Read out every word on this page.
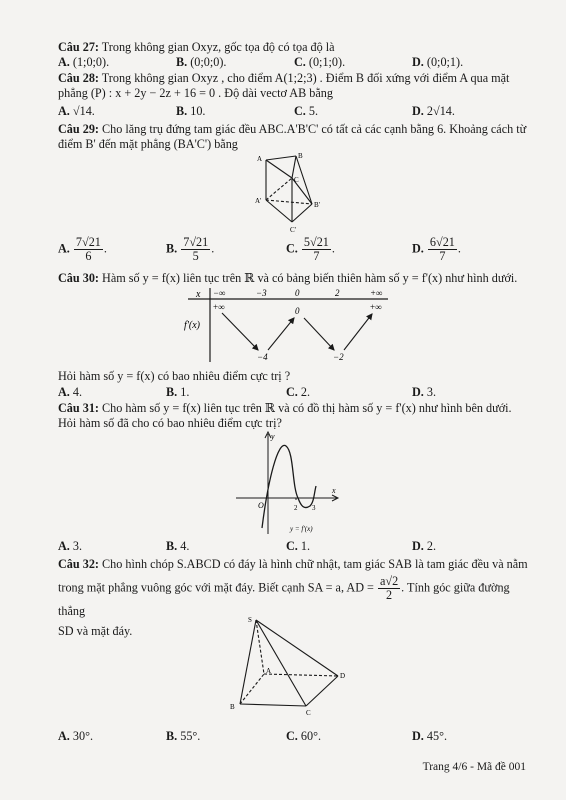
Câu 27: Trong không gian Oxyz, gốc tọa độ có tọa độ là
A. (1;0;0).	B. (0;0;0).	C. (0;1;0).	D. (0;0;1).
Câu 28: Trong không gian Oxyz , cho điểm A(1;2;3) . Điểm B đối xứng với điểm A qua mặt
phẳng (P) : x + 2y − 2z + 16 = 0 . Độ dài vectơ AB bằng
A. √14.	B. 10.	C. 5.	D. 2√14.
Câu 29: Cho lăng trụ đứng tam giác đều ABC.A'B'C' có tất cả các cạnh bằng 6. Khoảng cách từ
điểm B' đến mặt phẳng (BA'C') bằng
A	B
C
A'	B'
C'
A. $\frac{7√21}{6}$ .	B. $\frac{7√21}{5}$ .	C. $\frac{5√21}{7}$ .	D. $\frac{6√21}{7}$ .
Câu 30: Hàm số y = f(x) liên tục trên ℝ và có bảng biến thiên hàm số y = f'(x) như hình dưới.
x
f'(x)
−∞	−3	0	2	+∞
+∞
−4
0
−2
+∞
Hỏi hàm số y = f(x) có bao nhiêu điểm cực trị ?
A. 4.	B. 1.	C. 2.	D. 3.
Câu 31: Cho hàm số y = f(x) liên tục trên ℝ và có đồ thị hàm số y = f'(x) như hình bên dưới.
Hỏi hàm số đã cho có bao nhiêu điểm cực trị?
y
x
O	2 3
y = f'(x)
A. 3.	B. 4.	C. 1.	D. 2.
Câu 32: Cho hình chóp S.ABCD có đáy là hình chữ nhật, tam giác SAB là tam giác đều và nằm
trong mặt phẳng vuông góc với mặt đáy. Biết cạnh SA = a, AD = $\frac{a√2}{2}$ . Tính góc giữa đường thẳng
SD và mặt đáy.
S
A
B
C
D
A. 30°.	B. 55°.	C. 60°.	D. 45°.
Trang 4/6 - Mã đề 001
